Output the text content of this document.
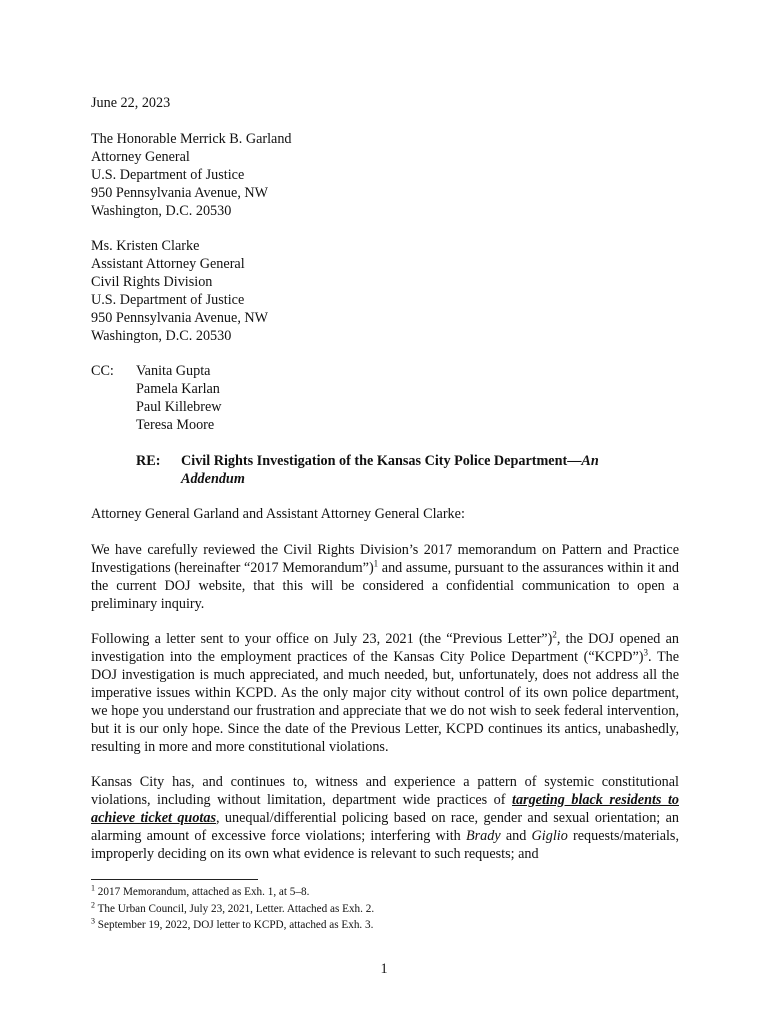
June 22, 2023
The Honorable Merrick B. Garland
Attorney General
U.S. Department of Justice
950 Pennsylvania Avenue, NW
Washington, D.C. 20530
Ms. Kristen Clarke
Assistant Attorney General
Civil Rights Division
U.S. Department of Justice
950 Pennsylvania Avenue, NW
Washington, D.C. 20530
CC: Vanita Gupta
Pamela Karlan
Paul Killebrew
Teresa Moore
RE: Civil Rights Investigation of the Kansas City Police Department—An Addendum
Attorney General Garland and Assistant Attorney General Clarke:

We have carefully reviewed the Civil Rights Division’s 2017 memorandum on Pattern and Practice Investigations (hereinafter “2017 Memorandum”)$^1$ and assume, pursuant to the assurances within it and the current DOJ website, that this will be considered a confidential communication to open a preliminary inquiry.

Following a letter sent to your office on July 23, 2021 (the “Previous Letter”)$^2$, the DOJ opened an investigation into the employment practices of the Kansas City Police Department (“KCPD”)$^3$. The DOJ investigation is much appreciated, and much needed, but, unfortunately, does not address all the imperative issues within KCPD. As the only major city without control of its own police department, we hope you understand our frustration and appreciate that we do not wish to seek federal intervention, but it is our only hope. Since the date of the Previous Letter, KCPD continues its antics, unabashedly, resulting in more and more constitutional violations.

Kansas City has, and continues to, witness and experience a pattern of systemic constitutional violations, including without limitation, department wide practices of targeting black residents to achieve ticket quotas, unequal/differential policing based on race, gender and sexual orientation; an alarming amount of excessive force violations; interfering with Brady and Giglio requests/materials, improperly deciding on its own what evidence is relevant to such requests; and

$^1$ 2017 Memorandum, attached as Exh. 1, at 5–8.
$^2$ The Urban Council, July 23, 2021, Letter. Attached as Exh. 2.
$^3$ September 19, 2022, DOJ letter to KCPD, attached as Exh. 3.
1
